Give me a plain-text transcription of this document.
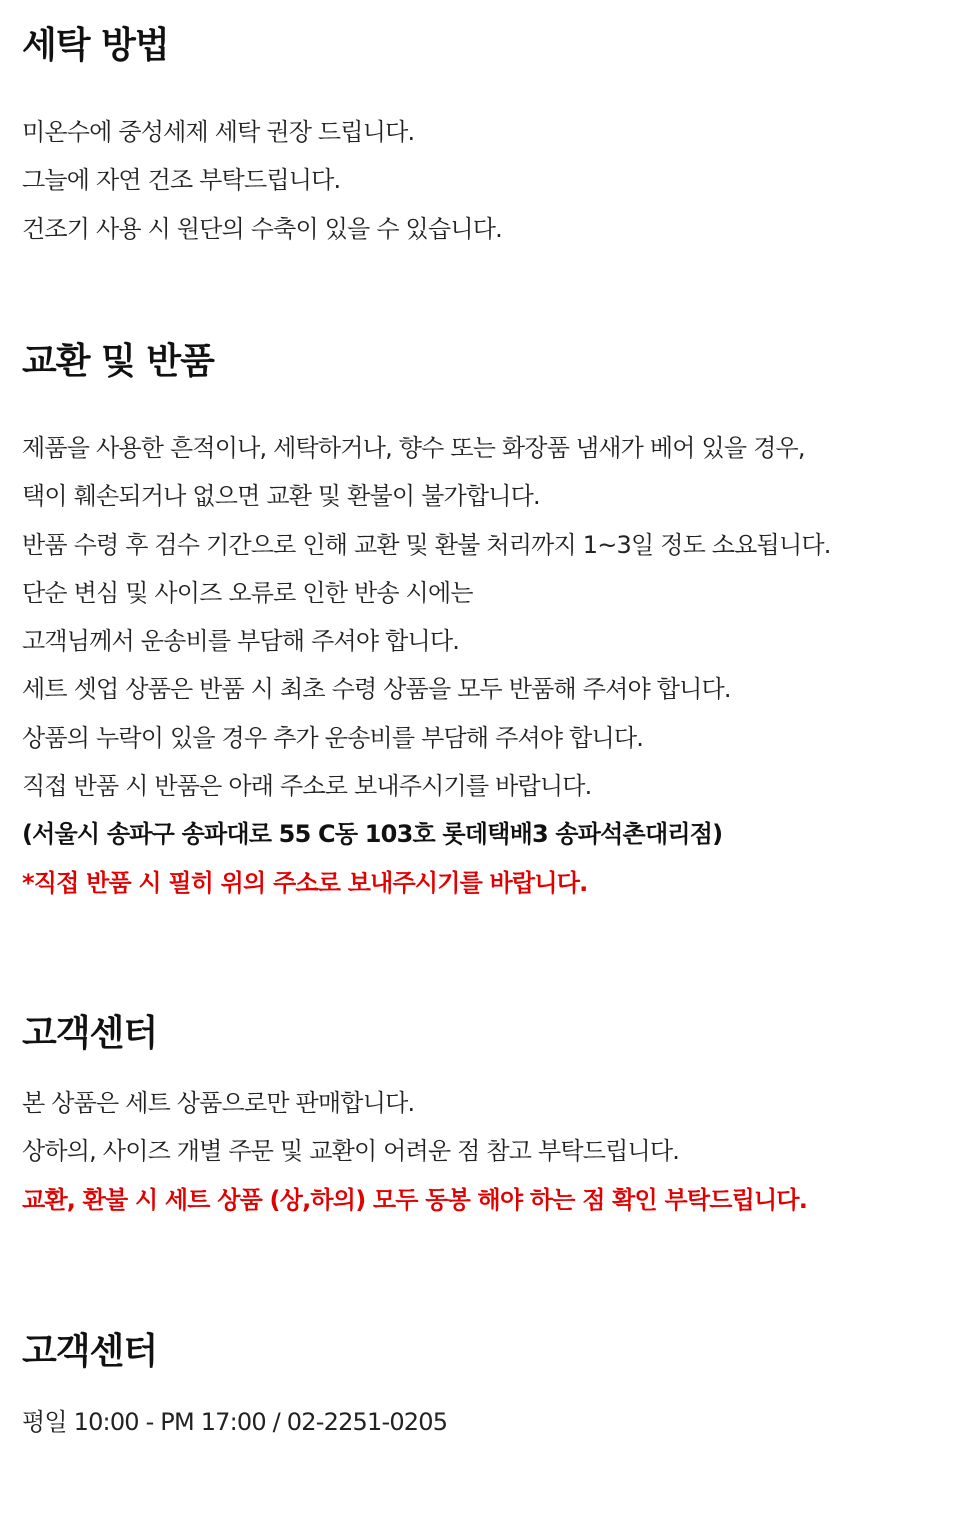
세탁 방법
미온수에 중성세제 세탁 권장 드립니다.
그늘에 자연 건조 부탁드립니다.
건조기 사용 시 원단의 수축이 있을 수 있습니다.
교환 및 반품
제품을 사용한 흔적이나, 세탁하거나, 향수 또는 화장품 냄새가 베어 있을 경우,
택이 훼손되거나 없으면 교환 및 환불이 불가합니다.
반품 수령 후 검수 기간으로 인해 교환 및 환불 처리까지 1~3일 정도 소요됩니다.
단순 변심 및 사이즈 오류로 인한 반송 시에는
고객님께서 운송비를 부담해 주셔야 합니다.
세트 셋업 상품은 반품 시 최초 수령 상품을 모두 반품해 주셔야 합니다.
상품의 누락이 있을 경우 추가 운송비를 부담해 주셔야 합니다.
직접 반품 시 반품은 아래 주소로 보내주시기를 바랍니다.
(서울시 송파구 송파대로 55 C동 103호 롯데택배3 송파석촌대리점)
*직접 반품 시 필히 위의 주소로 보내주시기를 바랍니다.
고객센터
본 상품은 세트 상품으로만 판매합니다.
상하의, 사이즈 개별 주문 및 교환이 어려운 점 참고 부탁드립니다.
교환, 환불 시 세트 상품 (상,하의) 모두 동봉 해야 하는 점 확인 부탁드립니다.
고객센터
평일 10:00 - PM 17:00 / 02-2251-0205
